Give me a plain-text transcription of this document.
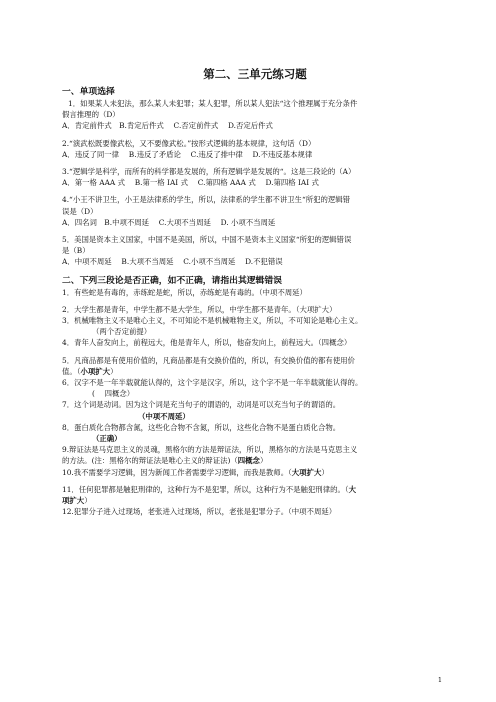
第二、三单元练习题
一、单项选择

1．如果某人未犯法，那么某人未犯罪；某人犯罪，所以某人犯法“这个推理属于充分条件

假言推理的（D）

A．肯定前件式　B.肯定后件式　 C.否定前件式　 D.否定后件式

2.“演武松既要像武松，又不要像武松。”按形式逻辑的基本规律，这句话（D）

A．违反了同一律　 B.违反了矛盾论　 C.违反了排中律　 D.不违反基本规律

3.“逻辑学是科学，而所有的科学都是发展的，所有逻辑学是发展的“。这是三段论的（A）

A．第一格 AAA 式　 B.第一格 IAI 式　 C.第四格 AAA 式　 D.第四格 IAI 式

4.“小王不讲卫生，小王是法律系的学生，所以，法律系的学生都不讲卫生“所犯的逻辑错

误是（D）

A．四名词　B.中项不周延　 C.大项不当周延　 D. 小项不当周延

5．美国是资本主义国家，中国不是美国，所以，中国不是资本主义国家“所犯的逻辑错误

是（B）

A．中项不周延　 B.大项不当周延　 C.小项不当周延　 D.不犯错误

二、下列三段论是否正确，如不正确，请指出其逻辑错误

1．有些蛇是有毒的，赤练蛇是蛇，所以，赤练蛇是有毒的。（中项不周延）

2．大学生都是青年，中学生都不是大学生，所以，中学生都不是青年。（大项扩大）

3．机械唯物主义不是唯心主义，不可知论不是机械唯物主义，所以，不可知论是唯心主义。

（两个否定前提）

4．青年人奋发向上，前程远大，他是青年人，所以，他奋发向上，前程远大。（四概念）

5．凡商品都是有使用价值的，凡商品都是有交换价值的，所以，有交换价值的都有使用价

值。（小项扩大）

6．汉字不是一年半载就能认得的，这个字是汉字，所以，这个字不是一年半载就能认得的。

(　 四概念）

7．这个词是动词。因为这个词是充当句子的谓语的，动词是可以充当句子的谓语的。

（中项不周延）

8．蛋白质化合物都含氮，这些化合物不含氮，所以，这些化合物不是蛋白质化合物。

（正确）

9.辩证法是马克思主义的灵魂，黑格尔的方法是辩证法，所以，黑格尔的方法是马克思主义

的方法。(注：黑格尔的辩证法是唯心主义的辩证法)（四概念）

10.我不需要学习逻辑，因为新闻工作者需要学习逻辑，而我是教师。（大项扩大）

11．任何犯罪都是触犯刑律的，这种行为不是犯罪，所以，这种行为不是触犯刑律的。（大

项扩大）

12.犯罪分子进入过现场，老张进入过现场，所以，老张是犯罪分子。（中项不周延）

1
